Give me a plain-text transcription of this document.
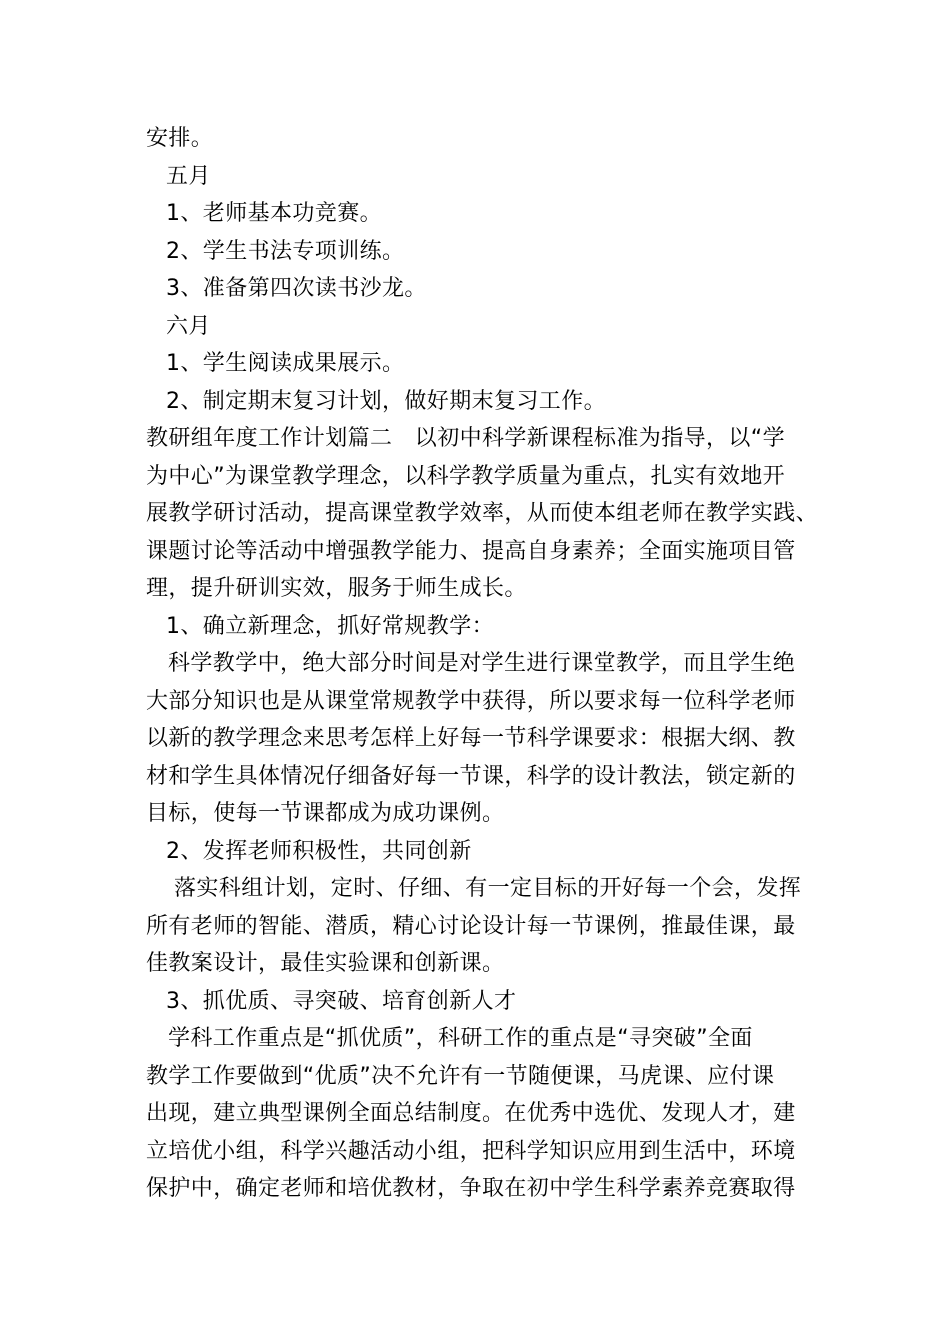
安排。
五月
1、老师基本功竞赛。
2、学生书法专项训练。
3、准备第四次读书沙龙。
六月
1、学生阅读成果展示。
2、制定期末复习计划，做好期末复习工作。
教研组年度工作计划篇二　以初中科学新课程标准为指导，以“学
为中心”为课堂教学理念，以科学教学质量为重点，扎实有效地开
展教学研讨活动，提高课堂教学效率，从而使本组老师在教学实践、
课题讨论等活动中增强教学能力、提高自身素养；全面实施项目管
理，提升研训实效，服务于师生成长。
1、确立新理念，抓好常规教学：
科学教学中，绝大部分时间是对学生进行课堂教学，而且学生绝
大部分知识也是从课堂常规教学中获得，所以要求每一位科学老师
以新的教学理念来思考怎样上好每一节科学课要求：根据大纲、教
材和学生具体情况仔细备好每一节课，科学的设计教法，锁定新的
目标，使每一节课都成为成功课例。
2、发挥老师积极性，共同创新
落实科组计划，定时、仔细、有一定目标的开好每一个会，发挥
所有老师的智能、潜质，精心讨论设计每一节课例，推最佳课，最
佳教案设计，最佳实验课和创新课。
3、抓优质、寻突破、培育创新人才
学科工作重点是“抓优质”，科研工作的重点是“寻突破”全面
教学工作要做到“优质”决不允许有一节随便课，马虎课、应付课
出现，建立典型课例全面总结制度。在优秀中选优、发现人才，建
立培优小组，科学兴趣活动小组，把科学知识应用到生活中，环境
保护中，确定老师和培优教材，争取在初中学生科学素养竞赛取得
